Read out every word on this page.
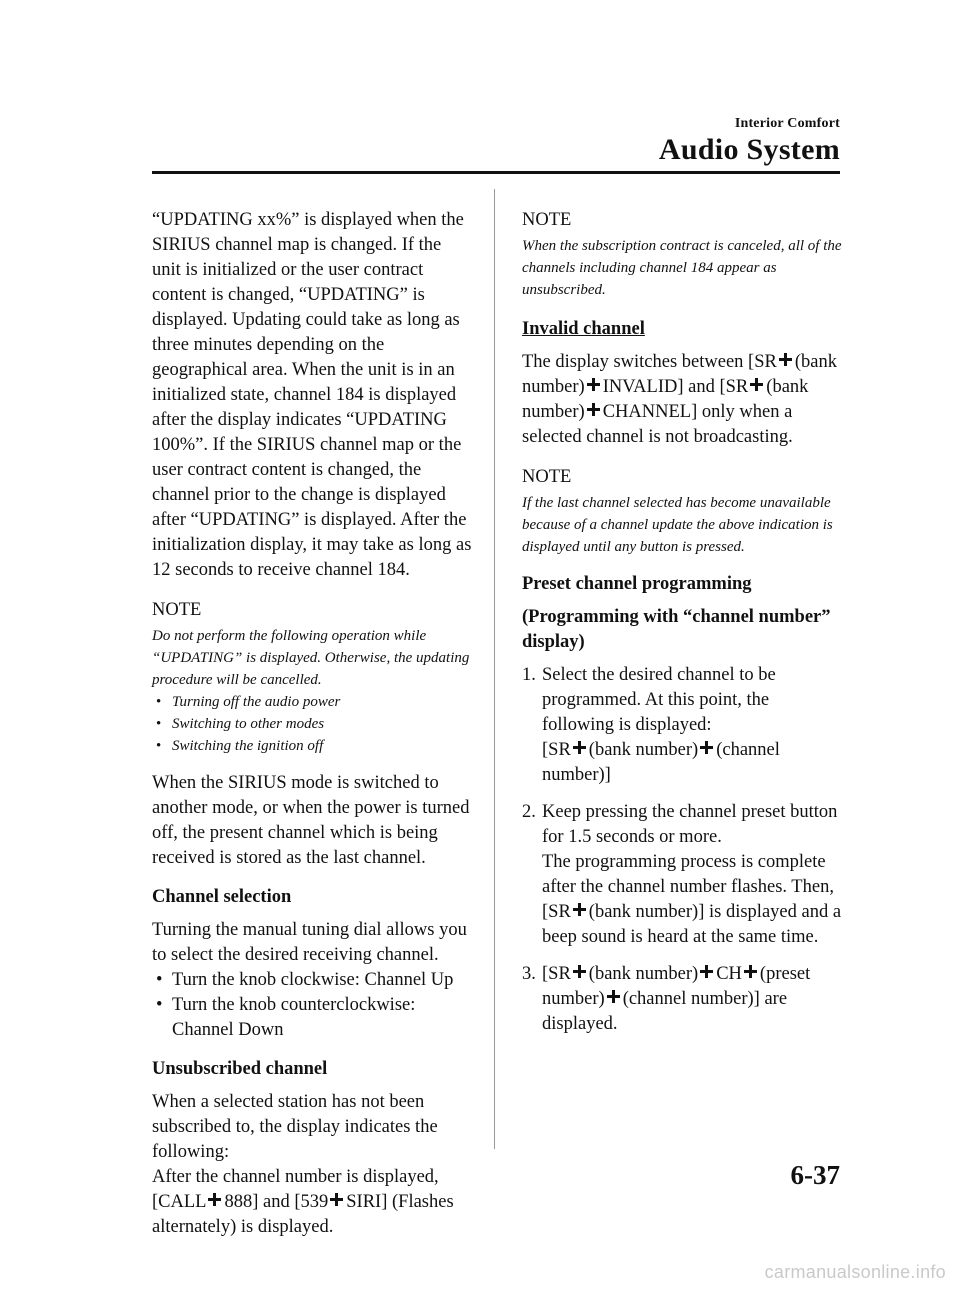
Interior Comfort
Audio System

“UPDATING xx%” is displayed when the SIRIUS channel map is changed. If the unit is initialized or the user contract content is changed, “UPDATING” is displayed. Updating could take as long as three minutes depending on the geographical area. When the unit is in an initialized state, channel 184 is displayed after the display indicates “UPDATING 100%”. If the SIRIUS channel map or the user contract content is changed, the channel prior to the change is displayed after “UPDATING” is displayed. After the initialization display, it may take as long as 12 seconds to receive channel 184.

NOTE
Do not perform the following operation while “UPDATING” is displayed. Otherwise, the updating procedure will be cancelled.
• Turning off the audio power
• Switching to other modes
• Switching the ignition off

When the SIRIUS mode is switched to another mode, or when the power is turned off, the present channel which is being received is stored as the last channel.

Channel selection

Turning the manual tuning dial allows you to select the desired receiving channel.

• Turn the knob clockwise: Channel Up
• Turn the knob counterclockwise: Channel Down
Unsubscribed channel
When a selected station has not been subscribed to, the display indicates the following:

After the channel number is displayed, [CALL 888] and [539 SIRI] (Flashes alternately) is displayed.

NOTE
When the subscription contract is canceled, all of the channels including channel 184 appear as unsubscribed.
Invalid channel

The display switches between [SR (bank number) INVALID] and [SR (bank number) CHANNEL] only when a selected channel is not broadcasting.

NOTE
If the last channel selected has become unavailable because of a channel update the above indication is displayed until any button is pressed.
Preset channel programming
(Programming with “channel number” display)
1. Select the desired channel to be programmed. At this point, the following is displayed:
[SR (bank number) (channel number)]
2. Keep pressing the channel preset button for 1.5 seconds or more.
The programming process is complete after the channel number flashes. Then,
[SR (bank number)] is displayed and a beep sound is heard at the same time.
3. [SR (bank number) CH (preset number) (channel number)] are displayed.
6-37
carmanualsonline.info
